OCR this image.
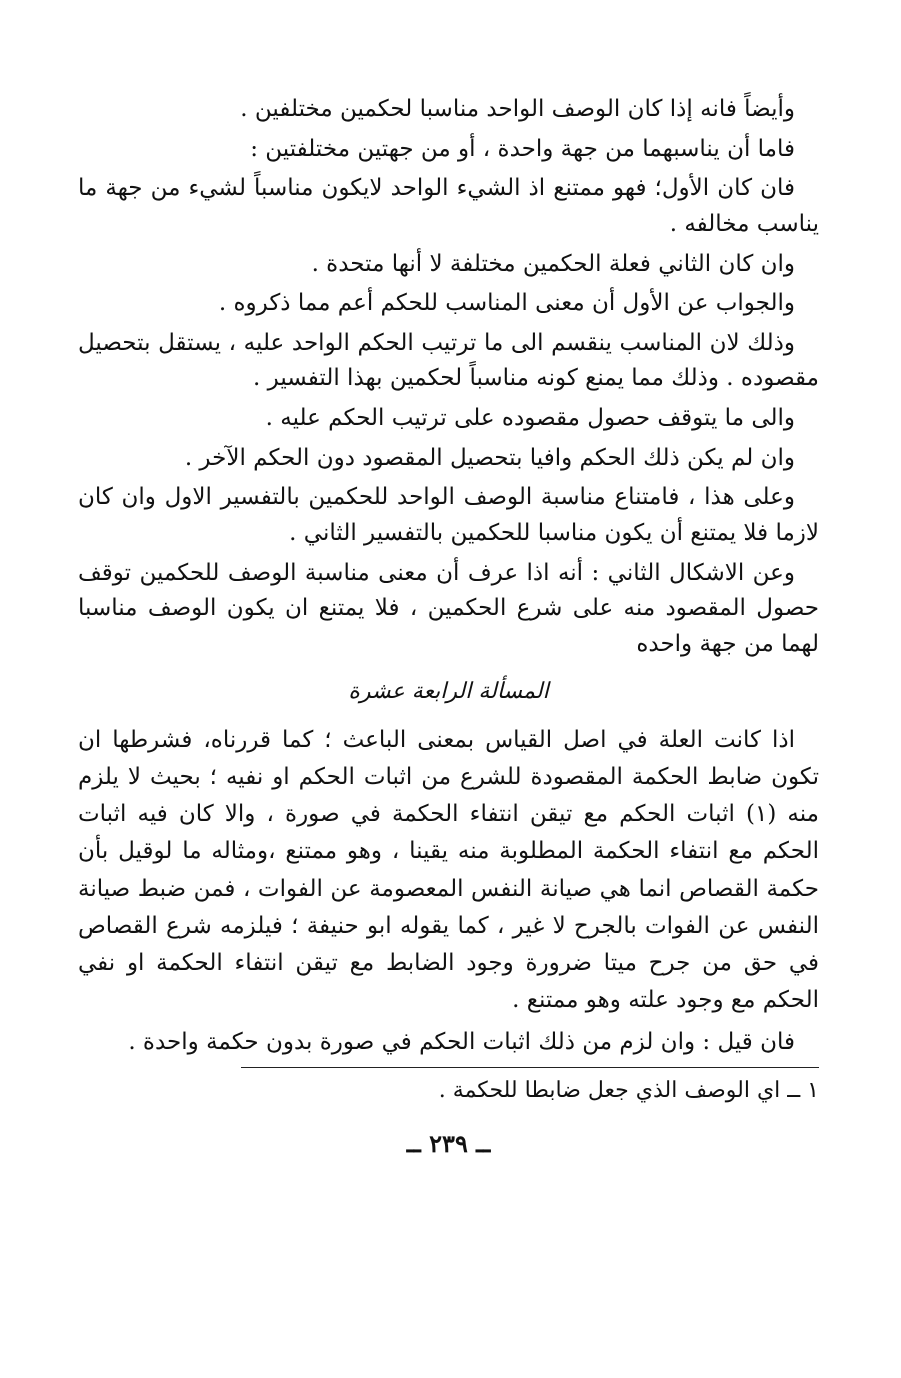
وأيضاً فانه إذا كان الوصف الواحد مناسبا لحكمين مختلفين .

فاما أن يناسبهما من جهة واحدة ، أو من جهتين مختلفتين :

فان كان الأول؛ فهو ممتنع اذ الشيء الواحد لايكون مناسباً لشيء من جهة ما يناسب مخالفه .

وان كان الثاني فعلة الحكمين مختلفة لا أنها متحدة .

والجواب عن الأول أن معنى المناسب للحكم أعم مما ذكروه .

وذلك لان المناسب ينقسم الى ما ترتيب الحكم الواحد عليه ، يستقل بتحصيل مقصوده . وذلك مما يمنع كونه مناسباً لحكمين بهذا التفسير .

والى ما يتوقف حصول مقصوده على ترتيب الحكم عليه .

وان لم يكن ذلك الحكم وافيا بتحصيل المقصود دون الحكم الآخر .

وعلى هذا ، فامتناع مناسبة الوصف الواحد للحكمين بالتفسير الاول وان كان لازما فلا يمتنع أن يكون مناسبا للحكمين بالتفسير الثاني .

وعن الاشكال الثاني : أنه اذا عرف أن معنى مناسبة الوصف للحكمين توقف حصول المقصود منه على شرع الحكمين ، فلا يمتنع ان يكون الوصف مناسبا لهما من جهة واحده

المسألة الرابعة عشرة

اذا كانت العلة في اصل القياس بمعنى الباعث ؛ كما قررناه، فشرطها ان تكون ضابط الحكمة المقصودة للشرع من اثبات الحكم او نفيه ؛ بحيث لا يلزم منه (١) اثبات الحكم مع تيقن انتفاء الحكمة في صورة ، والا كان فيه اثبات الحكم مع انتفاء الحكمة المطلوبة منه يقينا ، وهو ممتنع ،ومثاله ما لوقيل بأن حكمة القصاص انما هي صيانة النفس المعصومة عن الفوات ، فمن ضبط صيانة النفس عن الفوات بالجرح لا غير ، كما يقوله ابو حنيفة ؛ فيلزمه شرع القصاص في حق من جرح ميتا ضرورة وجود الضابط مع تيقن انتفاء الحكمة او نفي الحكم مع وجود علته وهو ممتنع .

فان قيل : وان لزم من ذلك اثبات الحكم في صورة بدون حكمة واحدة .

١ ــ اي الوصف الذي جعل ضابطا للحكمة .
ــ ٢٣٩ ــ
